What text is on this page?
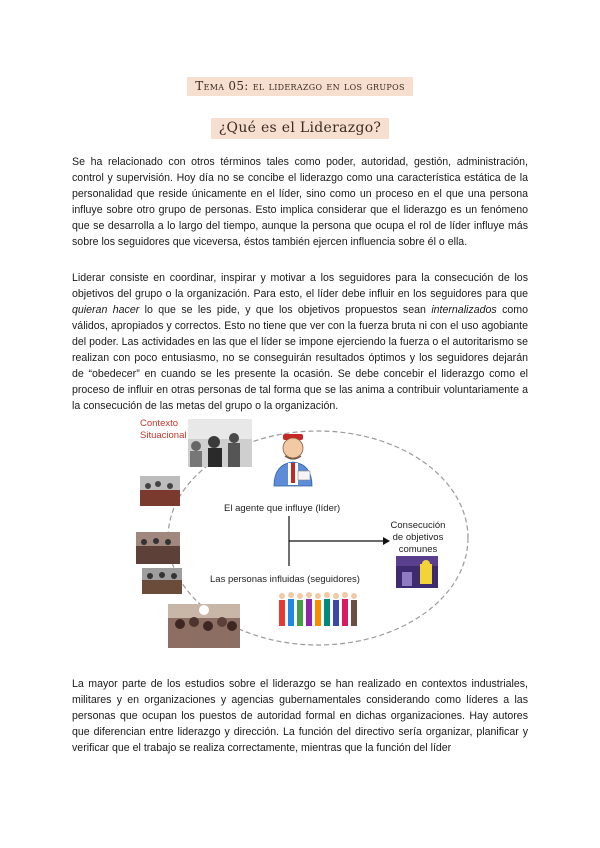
Tema 05: el liderazgo en los grupos
¿Qué es el Liderazgo?

Se ha relacionado con otros términos tales como poder, autoridad, gestión, administración, control y supervisión. Hoy día no se concibe el liderazgo como una característica estática de la personalidad que reside únicamente en el líder, sino como un proceso en el que una persona influye sobre otro grupo de personas. Esto implica considerar que el liderazgo es un fenómeno que se desarrolla a lo largo del tiempo, aunque la persona que ocupa el rol de líder influye más sobre los seguidores que viceversa, éstos también ejercen influencia sobre él o ella.

Liderar consiste en coordinar, inspirar y motivar a los seguidores para la consecución de los objetivos del grupo o la organización. Para esto, el líder debe influir en los seguidores para que quieran hacer lo que se les pide, y que los objetivos propuestos sean internalizados como válidos, apropiados y correctos. Esto no tiene que ver con la fuerza bruta ni con el uso agobiante del poder. Las actividades en las que el líder se impone ejerciendo la fuerza o el autoritarismo se realizan con poco entusiasmo, no se conseguirán resultados óptimos y los seguidores dejarán de “obedecer” en cuando se les presente la ocasión. Se debe concebir el liderazgo como el proceso de influir en otras personas de tal forma que se las anima a contribuir voluntariamente a la consecución de las metas del grupo o la organización.

Contexto
Situacional
El agente que influye (líder)
Consecución
de objetivos
comunes
Las personas influidas (seguidores)

La mayor parte de los estudios sobre el liderazgo se han realizado en contextos industriales, militares y en organizaciones y agencias gubernamentales considerando como líderes a las personas que ocupan los puestos de autoridad formal en dichas organizaciones. Hay autores que diferencian entre liderazgo y dirección. La función del directivo sería organizar, planificar y verificar que el trabajo se realiza correctamente, mientras que la función del líder
